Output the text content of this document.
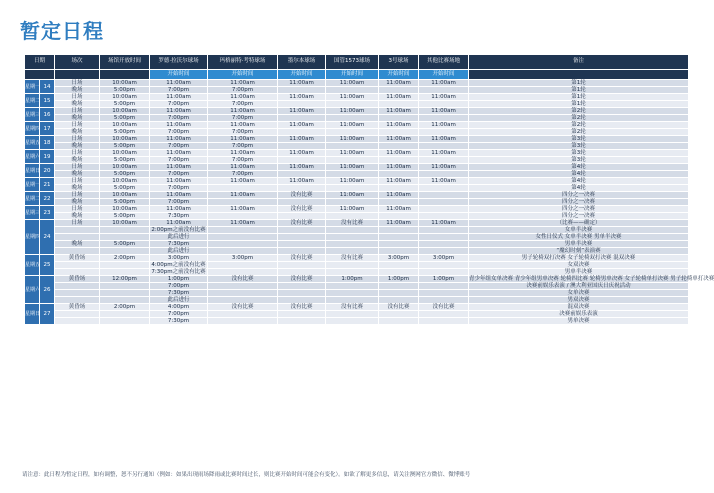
暂定日程
日期		场次	场馆开放时间	罗德·拉沃尔球场	玛格丽特·考特球场	墨尔本球场	国管1573球场	3号球场	其他比赛场地	备注
				开始时间	开始时间	开始时间	开始时间	开始时间	开始时间	
星期一	14	日场	10:00am	11:00am	11:00am	11:00am	11:00am	11:00am	11:00am	第1轮
		晚场	5:00pm	7:00pm	7:00pm					第1轮
星期二	15	日场	10:00am	11:00am	11:00am	11:00am	11:00am	11:00am	11:00am	第1轮
		晚场	5:00pm	7:00pm	7:00pm					第1轮
星期三	16	日场	10:00am	11:00am	11:00am	11:00am	11:00am	11:00am	11:00am	第2轮
		晚场	5:00pm	7:00pm	7:00pm					第2轮
星期四	17	日场	10:00am	11:00am	11:00am	11:00am	11:00am	11:00am	11:00am	第2轮
		晚场	5:00pm	7:00pm	7:00pm					第2轮
星期五	18	日场	10:00am	11:00am	11:00am	11:00am	11:00am	11:00am	11:00am	第3轮
		晚场	5:00pm	7:00pm	7:00pm					第3轮
星期六	19	日场	10:00am	11:00am	11:00am	11:00am	11:00am	11:00am	11:00am	第3轮
		晚场	5:00pm	7:00pm	7:00pm					第3轮
星期日	20	日场	10:00am	11:00am	11:00am	11:00am	11:00am	11:00am	11:00am	第4轮
		晚场	5:00pm	7:00pm	7:00pm					第4轮
星期一	21	日场	10:00am	11:00am	11:00am	11:00am	11:00am	11:00am	11:00am	第4轮
		晚场	5:00pm	7:00pm						第4轮
星期二	22	日场	10:00am	11:00am	11:00am	没有比赛	11:00am	11:00am		四分之一决赛
		晚场	5:00pm	7:00pm						四分之一决赛
星期三	23	日场	10:00am	11:00am	11:00am	没有比赛	11:00am	11:00am		四分之一决赛
		晚场	5:00pm	7:30pm						四分之一决赛
星期四	24	日场	10:00am	11:00am	11:00am	没有比赛	没有比赛	11:00am	11:00am	（比赛——确定）
				2:00pm之前没有比赛						女单半决赛
				此后进行						女性日仪式 女单半决赛 男单半决赛
		晚场	5:00pm	7:30pm						男单半决赛
				此后进行						“魔幻时刻”表演赛
星期五	25	黄昏场	2:00pm	3:00pm	3:00pm	没有比赛	没有比赛	3:00pm	3:00pm	男子轮椅双打决赛 女子轮椅双打决赛 混双决赛
				4:00pm之前没有比赛						女双决赛
				7:30pm之前没有比赛						男单半决赛
星期六	26	黄昏场	12:00pm	1:00pm	没有比赛	没有比赛	1:00pm	1:00pm	1:00pm	青少年组女单决赛 青少年组男单决赛 轮椅四比赛 轮椅男单决赛 女子轮椅单打决赛 男子轮椅单打决赛
				7:00pm						决赛前娱乐表演 / 澳大利亚国庆日庆祝活动
				7:30pm						女单决赛
				此后进行						男双决赛
星期日	27	黄昏场	2:00pm	4:00pm	没有比赛	没有比赛	没有比赛	没有比赛	没有比赛	混双决赛
				7:00pm						决赛前娱乐表演
				7:30pm						男单决赛
请注意：此日程为暂定日程，如有调整，恕不另行通知（例如：如果出现雨场降雨或比赛时间过长，则比赛开始时间可能会有变化）。如欲了解更多信息，请关注澳网官方微信、微博账号
